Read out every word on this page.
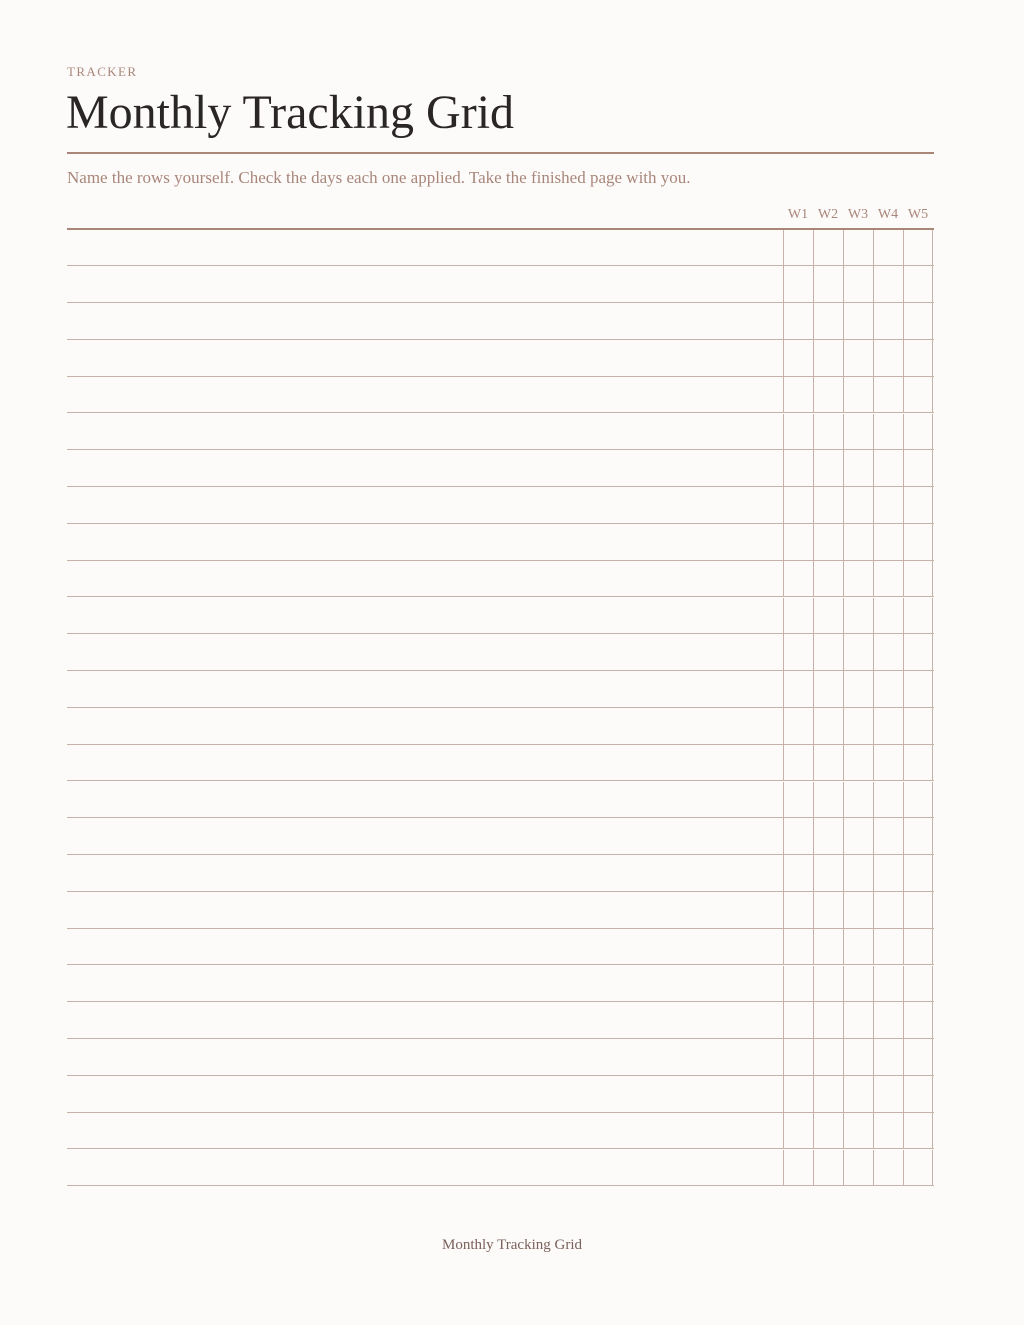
TRACKER
Monthly Tracking Grid

Name the rows yourself. Check the days each one applied. Take the finished page with you.

W1 W2 W3 W4 W5
Monthly Tracking Grid
